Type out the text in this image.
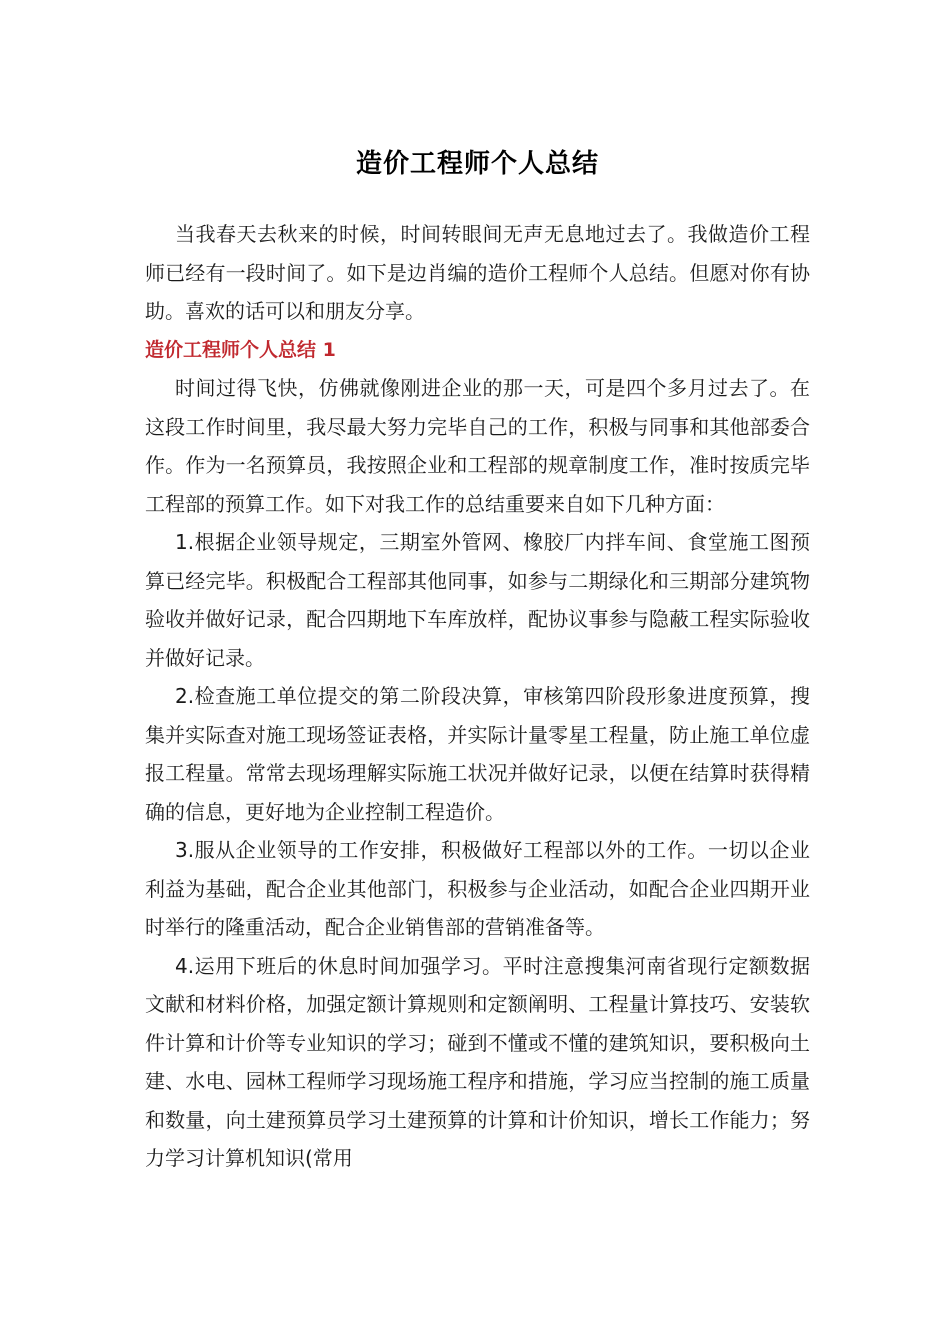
造价工程师个人总结

当我春天去秋来的时候，时间转眼间无声无息地过去了。我做造价工程师已经有一段时间了。如下是边肖编的造价工程师个人总结。但愿对你有协助。喜欢的话可以和朋友分享。

造价工程师个人总结 1

时间过得飞快，仿佛就像刚进企业的那一天，可是四个多月过去了。在这段工作时间里，我尽最大努力完毕自己的工作，积极与同事和其他部委合作。作为一名预算员，我按照企业和工程部的规章制度工作，准时按质完毕工程部的预算工作。如下对我工作的总结重要来自如下几种方面：

1.根据企业领导规定，三期室外管网、橡胶厂内拌车间、食堂施工图预算已经完毕。积极配合工程部其他同事，如参与二期绿化和三期部分建筑物验收并做好记录，配合四期地下车库放样，配协议事参与隐蔽工程实际验收并做好记录。

2.检查施工单位提交的第二阶段决算，审核第四阶段形象进度预算，搜集并实际查对施工现场签证表格，并实际计量零星工程量，防止施工单位虚报工程量。常常去现场理解实际施工状况并做好记录，以便在结算时获得精确的信息，更好地为企业控制工程造价。

3.服从企业领导的工作安排，积极做好工程部以外的工作。一切以企业利益为基础，配合企业其他部门，积极参与企业活动，如配合企业四期开业时举行的隆重活动，配合企业销售部的营销准备等。

4.运用下班后的休息时间加强学习。平时注意搜集河南省现行定额数据文献和材料价格，加强定额计算规则和定额阐明、工程量计算技巧、安装软件计算和计价等专业知识的学习；碰到不懂或不懂的建筑知识，要积极向土建、水电、园林工程师学习现场施工程序和措施，学习应当控制的施工质量和数量，向土建预算员学习土建预算的计算和计价知识，增长工作能力；努力学习计算机知识(常用
